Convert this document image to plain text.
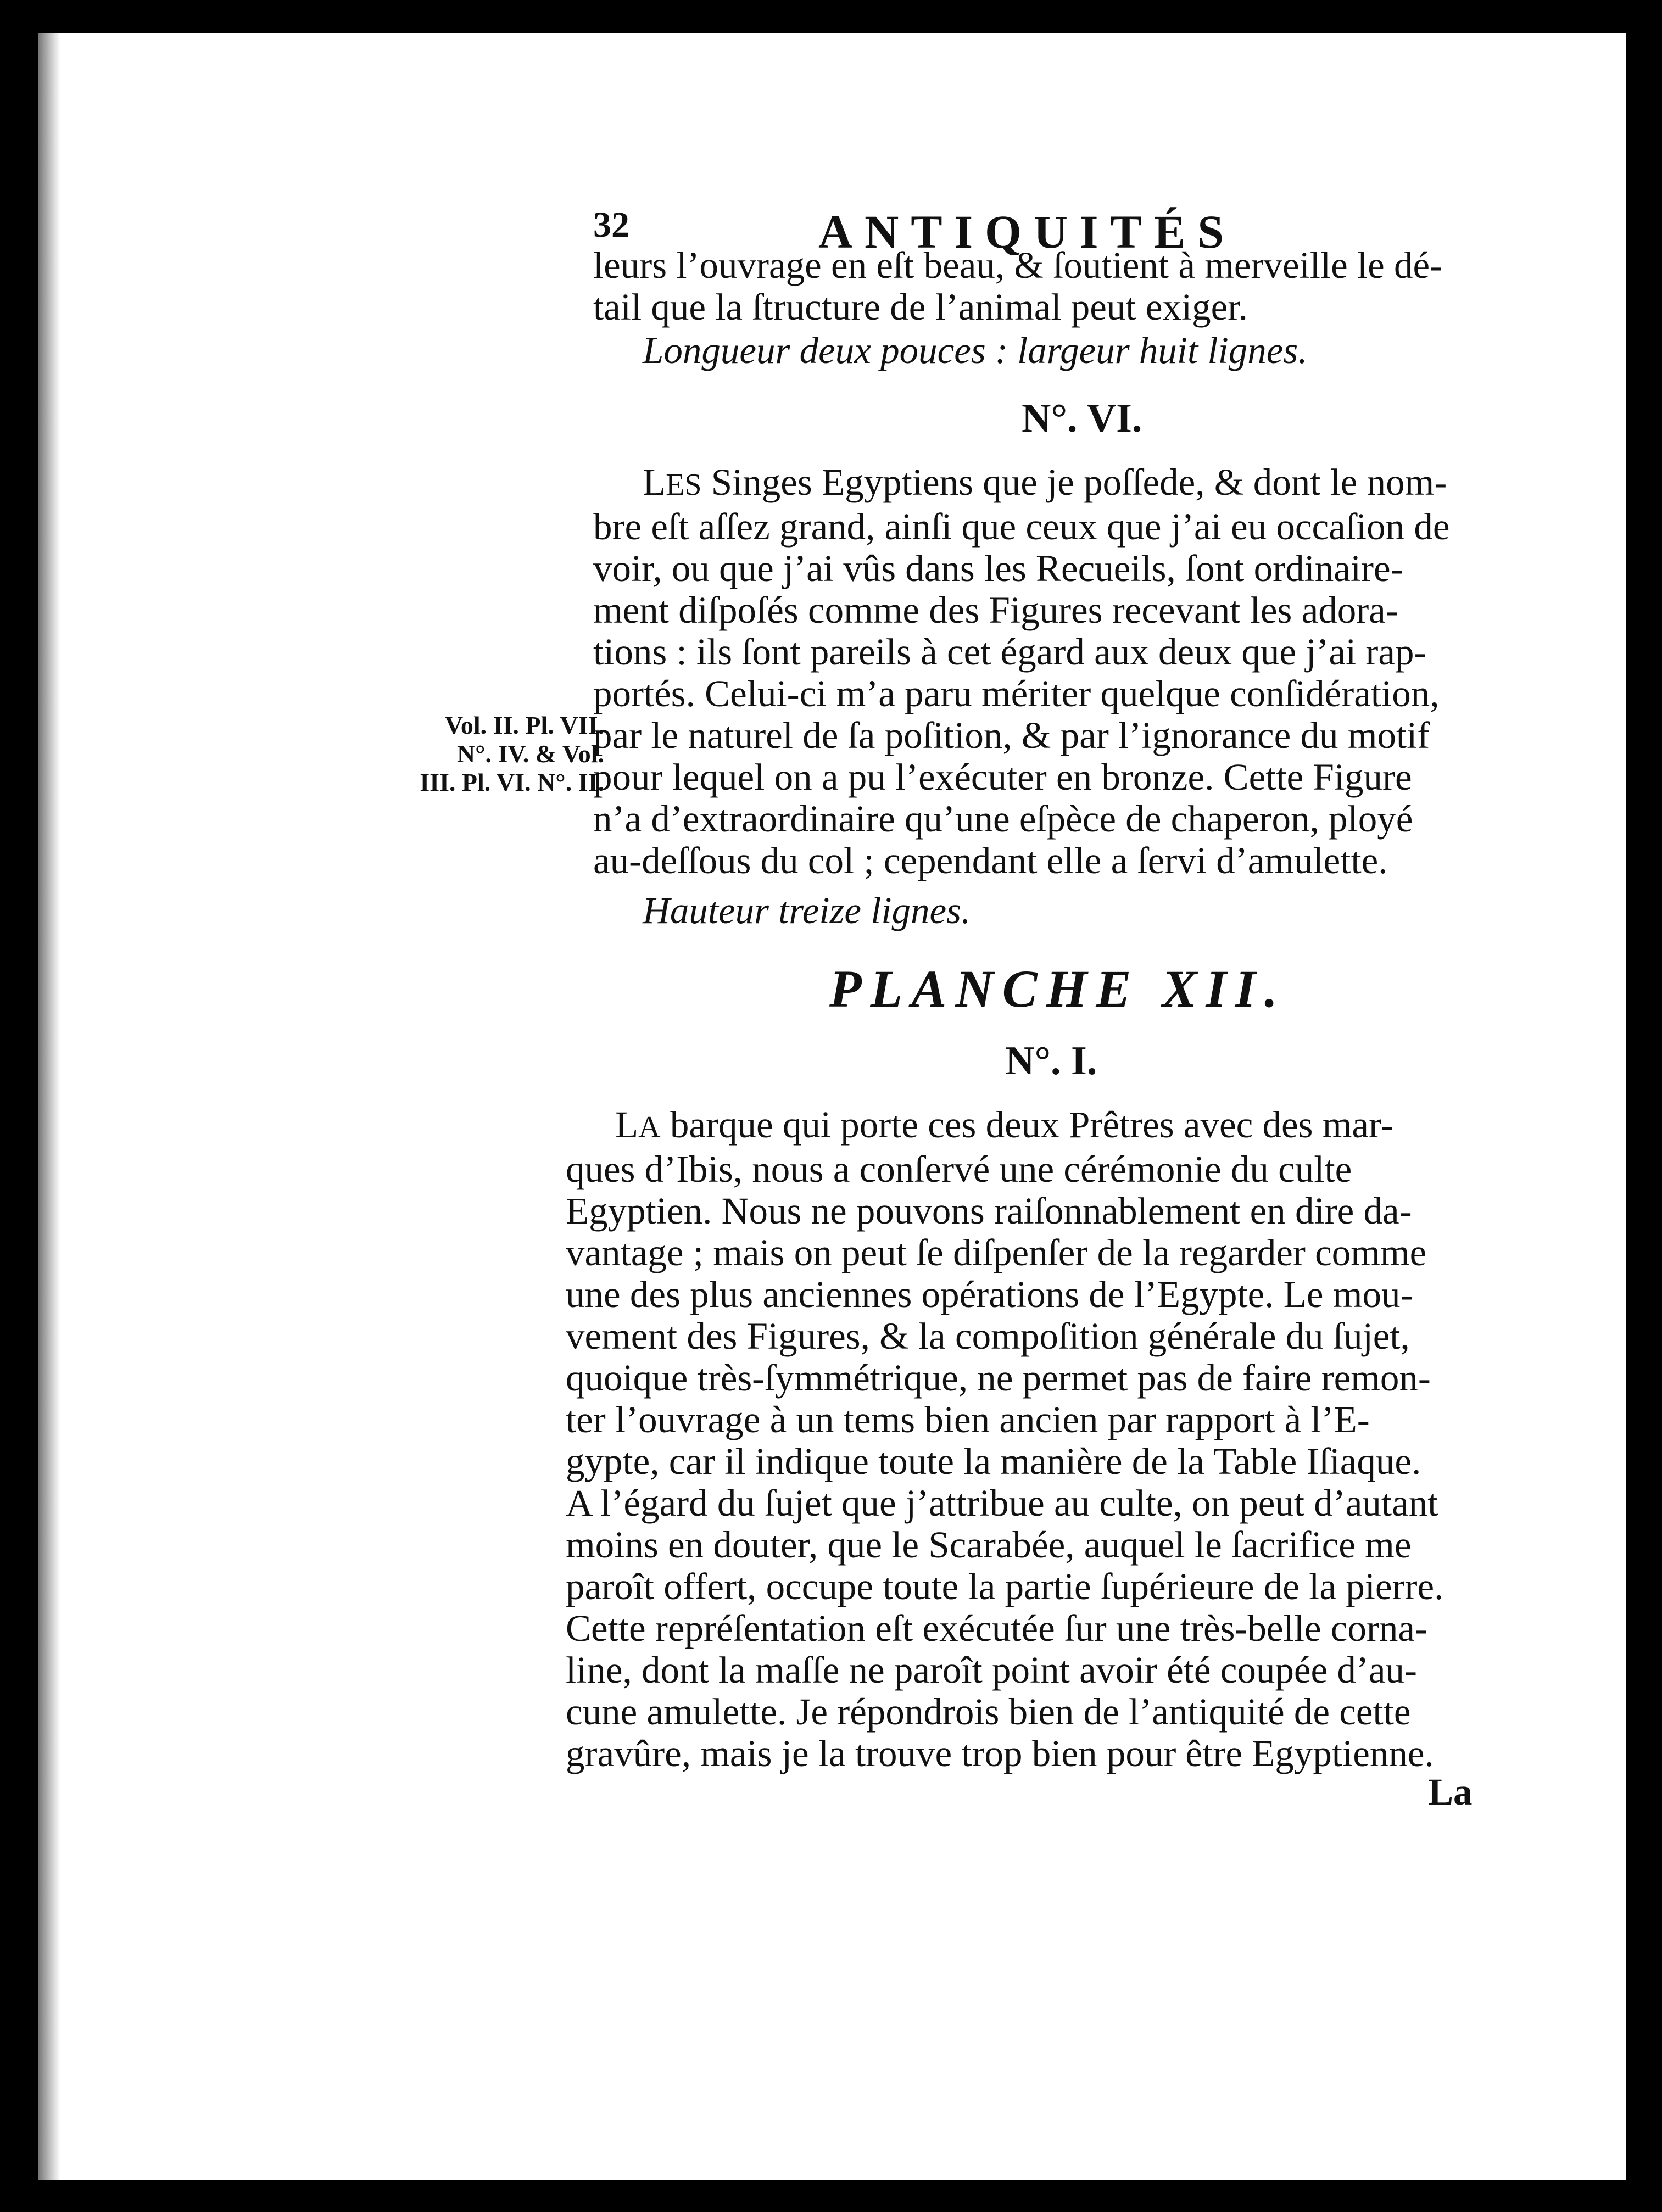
32	ANTIQUITÉS
leurs l’ouvrage en eſt beau, & ſoutient à merveille le dé-
tail que la ſtructure de l’animal peut exiger.
Longueur deux pouces : largeur huit lignes.
N°. VI.
LES Singes Egyptiens que je poſſede, & dont le nom-
bre eſt aſſez grand, ainſi que ceux que j’ai eu occaſion de
voir, ou que j’ai vûs dans les Recueils, ſont ordinaire-
ment diſpoſés comme des Figures recevant les adora-
tions : ils ſont pareils à cet égard aux deux que j’ai rap-
portés. Celui-ci m’a paru mériter quelque conſidération,
par le naturel de ſa poſition, & par l’ignorance du motif
pour lequel on a pu l’exécuter en bronze. Cette Figure
n’a d’extraordinaire qu’une eſpèce de chaperon, ployé
au-deſſous du col ; cependant elle a ſervi d’amulette.
Vol. II. Pl. VII.
N°. IV. & Vol.
III. Pl. VI. N°. II.
Hauteur treize lignes.
PLANCHE XII.
N°. I.
LA barque qui porte ces deux Prêtres avec des mar-
ques d’Ibis, nous a conſervé une cérémonie du culte
Egyptien. Nous ne pouvons raiſonnablement en dire da-
vantage ; mais on peut ſe diſpenſer de la regarder comme
une des plus anciennes opérations de l’Egypte. Le mou-
vement des Figures, & la compoſition générale du ſujet,
quoique très-ſymmétrique, ne permet pas de faire remon-
ter l’ouvrage à un tems bien ancien par rapport à l’E-
gypte, car il indique toute la manière de la Table Iſiaque.
A l’égard du ſujet que j’attribue au culte, on peut d’autant
moins en douter, que le Scarabée, auquel le ſacrifice me
paroît offert, occupe toute la partie ſupérieure de la pierre.
Cette repréſentation eſt exécutée ſur une très-belle corna-
line, dont la maſſe ne paroît point avoir été coupée d’au-
cune amulette. Je répondrois bien de l’antiquité de cette
gravûre, mais je la trouve trop bien pour être Egyptienne.
La
